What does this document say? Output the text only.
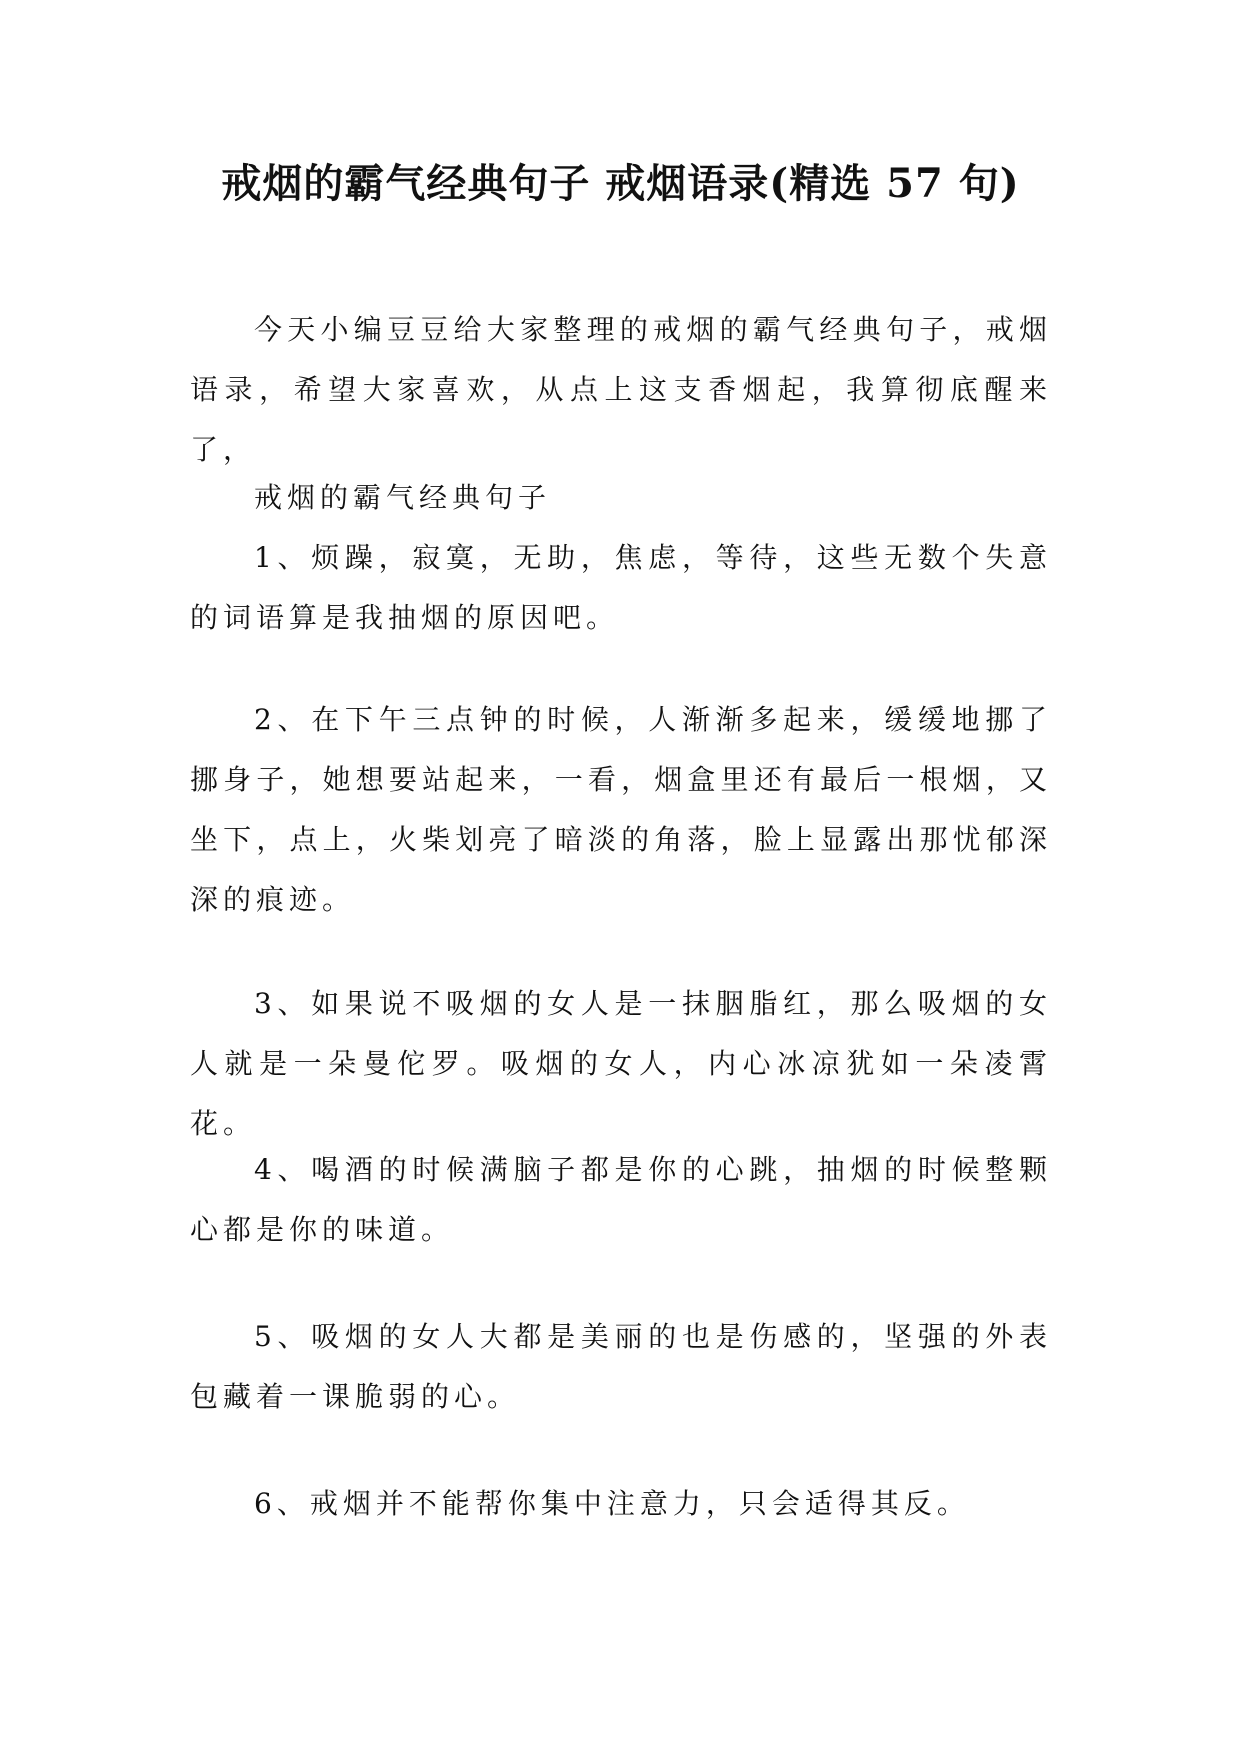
戒烟的霸气经典句子 戒烟语录(精选 57 句)

今天小编豆豆给大家整理的戒烟的霸气经典句子，戒烟语录，希望大家喜欢，从点上这支香烟起，我算彻底醒来了，

戒烟的霸气经典句子

1、烦躁，寂寞，无助，焦虑，等待，这些无数个失意的词语算是我抽烟的原因吧。

2、在下午三点钟的时候，人渐渐多起来，缓缓地挪了挪身子，她想要站起来，一看，烟盒里还有最后一根烟，又坐下，点上，火柴划亮了暗淡的角落，脸上显露出那忧郁深深的痕迹。

3、如果说不吸烟的女人是一抹胭脂红，那么吸烟的女人就是一朵曼佗罗。吸烟的女人，内心冰凉犹如一朵凌霄花。

4、喝酒的时候满脑子都是你的心跳，抽烟的时候整颗心都是你的味道。

5、吸烟的女人大都是美丽的也是伤感的，坚强的外表包藏着一课脆弱的心。

6、戒烟并不能帮你集中注意力，只会适得其反。
